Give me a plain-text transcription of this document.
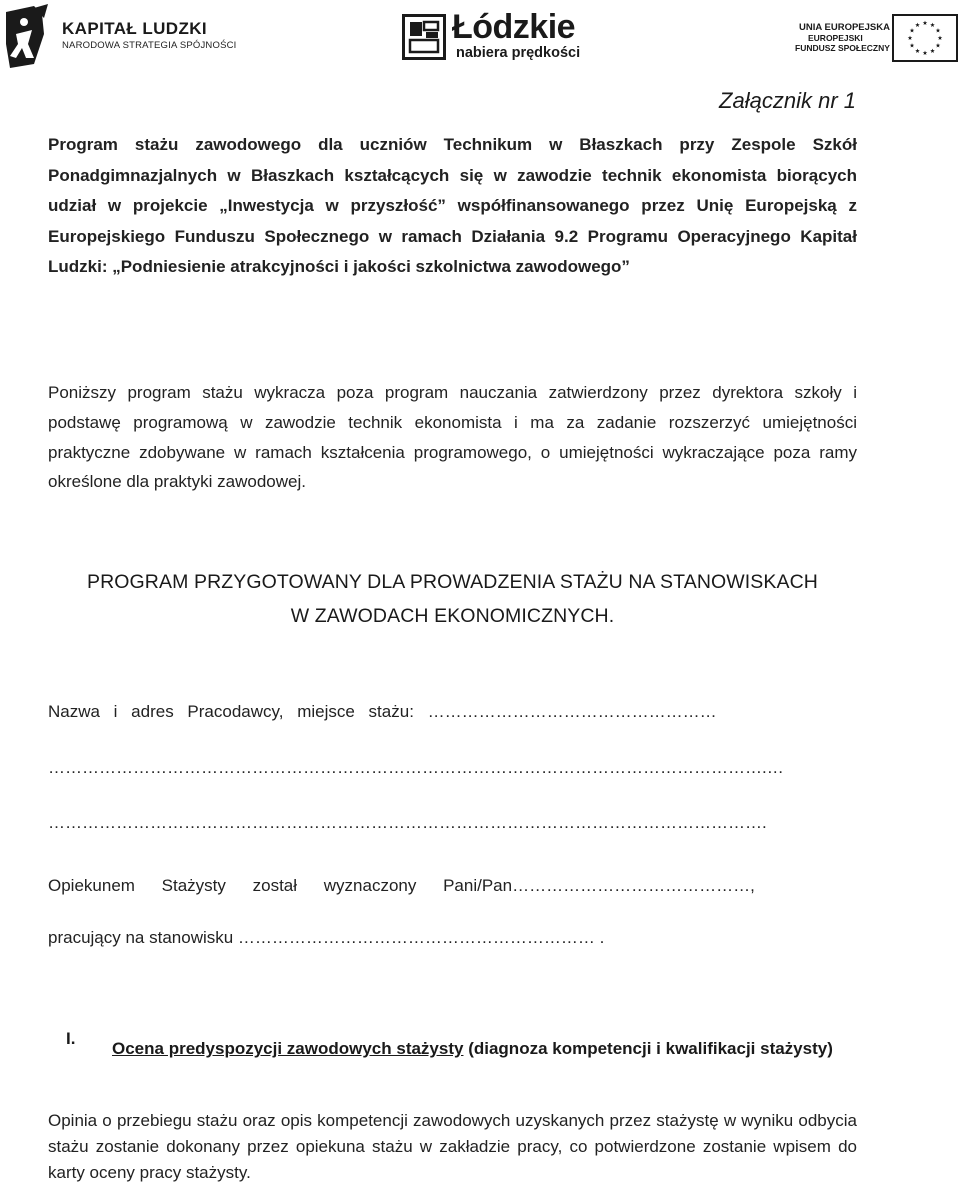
KAPITAŁ LUDZKI
NARODOWA STRATEGIA SPÓJNOŚCI	Łódzkie
nabiera prędkości
UNIA EUROPEJSKA
EUROPEJSKI
FUNDUSZ SPOŁECZNY
Załącznik nr 1
Program stażu zawodowego dla uczniów Technikum w Błaszkach przy Zespole Szkół Ponadgimnazjalnych w Błaszkach kształcących się w zawodzie technik ekonomista biorących udział w projekcie „Inwestycja w przyszłość” współfinansowanego przez Unię Europejską z Europejskiego Funduszu Społecznego w ramach Działania 9.2 Programu Operacyjnego Kapitał Ludzki: „Podniesienie atrakcyjności i jakości szkolnictwa zawodowego”
Poniższy program stażu wykracza poza program nauczania zatwierdzony przez dyrektora szkoły i podstawę programową w zawodzie technik ekonomista i ma za zadanie rozszerzyć umiejętności praktyczne zdobywane w ramach kształcenia programowego, o umiejętności wykraczające poza ramy określone dla praktyki zawodowej.
PROGRAM PRZYGOTOWANY DLA PROWADZENIA STAŻU NA STANOWISKACH
W ZAWODACH EKONOMICZNYCH.
Nazwa i adres Pracodawcy, miejsce stażu: ……………………………………………
……………………………………………………………………………………………………………….…
……………………………………………………………………………………………………………….
Opiekunem Stażysty został wyznaczony Pani/Pan……………………………………,
pracujący na stanowisku ……………………………………………………… .
I.
Ocena predyspozycji zawodowych stażysty (diagnoza kompetencji i kwalifikacji stażysty)
Opinia o przebiegu stażu oraz opis kompetencji zawodowych uzyskanych przez stażystę w wyniku odbycia stażu zostanie dokonany przez opiekuna stażu w zakładzie pracy, co potwierdzone zostanie wpisem do karty oceny pracy stażysty.
